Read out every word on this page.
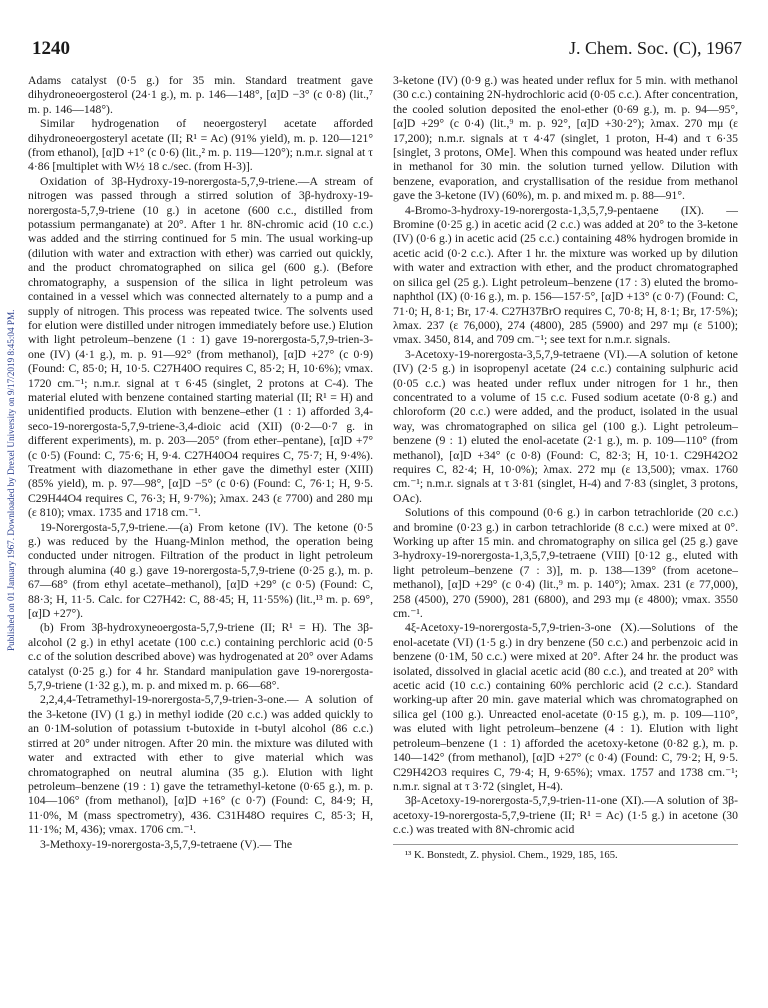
1240	J. Chem. Soc. (C), 1967
Published on 01 January 1967. Downloaded by Drexel University on 9/17/2019 8:45:04 PM.

Adams catalyst (0·5 g.) for 35 min. Standard treatment gave dihydroneoergosterol (24·1 g.), m. p. 146—148°, [α]D −3° (c 0·8) (lit.,⁷ m. p. 146—148°).

Similar hydrogenation of neoergosteryl acetate afforded dihydroneoergosteryl acetate (II; R¹ = Ac) (91% yield), m. p. 120—121° (from ethanol), [α]D +1° (c 0·6) (lit.,² m. p. 119—120°); n.m.r. signal at τ 4·86 [multiplet with W½ 18 c./sec. (from H-3)].

Oxidation of 3β-Hydroxy-19-norergosta-5,7,9-triene.—A stream of nitrogen was passed through a stirred solution of 3β-hydroxy-19-norergosta-5,7,9-triene (10 g.) in acetone (600 c.c., distilled from potassium permanganate) at 20°. After 1 hr. 8N-chromic acid (10 c.c.) was added and the stirring continued for 5 min. The usual working-up (dilution with water and extraction with ether) was carried out quickly, and the product chromatographed on silica gel (600 g.). (Before chromatography, a suspension of the silica in light petroleum was contained in a vessel which was connected alternately to a pump and a supply of nitrogen. This process was repeated twice. The solvents used for elution were distilled under nitrogen immediately before use.) Elution with light petroleum–benzene (1 : 1) gave 19-norergosta-5,7,9-trien-3-one (IV) (4·1 g.), m. p. 91—92° (from methanol), [α]D +27° (c 0·9) (Found: C, 85·0; H, 10·5. C27H40O requires C, 85·2; H, 10·6%); νmax. 1720 cm.⁻¹; n.m.r. signal at τ 6·45 (singlet, 2 protons at C-4). The material eluted with benzene contained starting material (II; R¹ = H) and unidentified products. Elution with benzene–ether (1 : 1) afforded 3,4-seco-19-norergosta-5,7,9-triene-3,4-dioic acid (XII) (0·2—0·7 g. in different experiments), m. p. 203—205° (from ether–pentane), [α]D +7° (c 0·5) (Found: C, 75·6; H, 9·4. C27H40O4 requires C, 75·7; H, 9·4%). Treatment with diazomethane in ether gave the dimethyl ester (XIII) (85% yield), m. p. 97—98°, [α]D −5° (c 0·6) (Found: C, 76·1; H, 9·5. C29H44O4 requires C, 76·3; H, 9·7%); λmax. 243 (ε 7700) and 280 mμ (ε 810); νmax. 1735 and 1718 cm.⁻¹.

19-Norergosta-5,7,9-triene.—(a) From ketone (IV). The ketone (0·5 g.) was reduced by the Huang-Minlon method, the operation being conducted under nitrogen. Filtration of the product in light petroleum through alumina (40 g.) gave 19-norergosta-5,7,9-triene (0·25 g.), m. p. 67—68° (from ethyl acetate–methanol), [α]D +29° (c 0·5) (Found: C, 88·3; H, 11·5. Calc. for C27H42: C, 88·45; H, 11·55%) (lit.,¹³ m. p. 69°, [α]D +27°).

(b) From 3β-hydroxyneoergosta-5,7,9-triene (II; R¹ = H). The 3β-alcohol (2 g.) in ethyl acetate (100 c.c.) containing perchloric acid (0·5 c.c of the solution described above) was hydrogenated at 20° over Adams catalyst (0·25 g.) for 4 hr. Standard manipulation gave 19-norergosta-5,7,9-triene (1·32 g.), m. p. and mixed m. p. 66—68°.

2,2,4,4-Tetramethyl-19-norergosta-5,7,9-trien-3-one.— A solution of the 3-ketone (IV) (1 g.) in methyl iodide (20 c.c.) was added quickly to an 0·1M-solution of potassium t-butoxide in t-butyl alcohol (86 c.c.) stirred at 20° under nitrogen. After 20 min. the mixture was diluted with water and extracted with ether to give material which was chromatographed on neutral alumina (35 g.). Elution with light petroleum–benzene (19 : 1) gave the tetramethyl-ketone (0·65 g.), m. p. 104—106° (from methanol), [α]D +16° (c 0·7) (Found: C, 84·9; H, 11·0%, M (mass spectrometry), 436. C31H48O requires C, 85·3; H, 11·1%; M, 436); νmax. 1706 cm.⁻¹.

3-Methoxy-19-norergosta-3,5,7,9-tetraene (V).— The

3-ketone (IV) (0·9 g.) was heated under reflux for 5 min. with methanol (30 c.c.) containing 2N-hydrochloric acid (0·05 c.c.). After concentration, the cooled solution deposited the enol-ether (0·69 g.), m. p. 94—95°, [α]D +29° (c 0·4) (lit.,⁹ m. p. 92°, [α]D +30·2°); λmax. 270 mμ (ε 17,200); n.m.r. signals at τ 4·47 (singlet, 1 proton, H-4) and τ 6·35 [singlet, 3 protons, OMe]. When this compound was heated under reflux in methanol for 30 min. the solution turned yellow. Dilution with benzene, evaporation, and crystallisation of the residue from methanol gave the 3-ketone (IV) (60%), m. p. and mixed m. p. 88—91°.

4-Bromo-3-hydroxy-19-norergosta-1,3,5,7,9-pentaene (IX). —Bromine (0·25 g.) in acetic acid (2 c.c.) was added at 20° to the 3-ketone (IV) (0·6 g.) in acetic acid (25 c.c.) containing 48% hydrogen bromide in acetic acid (0·2 c.c.). After 1 hr. the mixture was worked up by dilution with water and extraction with ether, and the product chromatographed on silica gel (25 g.). Light petroleum–benzene (17 : 3) eluted the bromo-naphthol (IX) (0·16 g.), m. p. 156—157·5°, [α]D +13° (c 0·7) (Found: C, 71·0; H, 8·1; Br, 17·4. C27H37BrO requires C, 70·8; H, 8·1; Br, 17·5%); λmax. 237 (ε 76,000), 274 (4800), 285 (5900) and 297 mμ (ε 5100); νmax. 3450, 814, and 709 cm.⁻¹; see text for n.m.r. signals.

3-Acetoxy-19-norergosta-3,5,7,9-tetraene (VI).—A solution of ketone (IV) (2·5 g.) in isopropenyl acetate (24 c.c.) containing sulphuric acid (0·05 c.c.) was heated under reflux under nitrogen for 1 hr., then concentrated to a volume of 15 c.c. Fused sodium acetate (0·8 g.) and chloroform (20 c.c.) were added, and the product, isolated in the usual way, was chromatographed on silica gel (100 g.). Light petroleum–benzene (9 : 1) eluted the enol-acetate (2·1 g.), m. p. 109—110° (from methanol), [α]D +34° (c 0·8) (Found: C, 82·3; H, 10·1. C29H42O2 requires C, 82·4; H, 10·0%); λmax. 272 mμ (ε 13,500); νmax. 1760 cm.⁻¹; n.m.r. signals at τ 3·81 (singlet, H-4) and 7·83 (singlet, 3 protons, OAc).

Solutions of this compound (0·6 g.) in carbon tetrachloride (20 c.c.) and bromine (0·23 g.) in carbon tetrachloride (8 c.c.) were mixed at 0°. Working up after 15 min. and chromatography on silica gel (25 g.) gave 3-hydroxy-19-norergosta-1,3,5,7,9-tetraene (VIII) [0·12 g., eluted with light petroleum–benzene (7 : 3)], m. p. 138—139° (from acetone–methanol), [α]D +29° (c 0·4) (lit.,⁹ m. p. 140°); λmax. 231 (ε 77,000), 258 (4500), 270 (5900), 281 (6800), and 293 mμ (ε 4800); νmax. 3550 cm.⁻¹.

4ξ-Acetoxy-19-norergosta-5,7,9-trien-3-one (X).—Solutions of the enol-acetate (VI) (1·5 g.) in dry benzene (50 c.c.) and perbenzoic acid in benzene (0·1M, 50 c.c.) were mixed at 20°. After 24 hr. the product was isolated, dissolved in glacial acetic acid (80 c.c.), and treated at 20° with acetic acid (10 c.c.) containing 60% perchloric acid (2 c.c.). Standard working-up after 20 min. gave material which was chromatographed on silica gel (100 g.). Unreacted enol-acetate (0·15 g.), m. p. 109—110°, was eluted with light petroleum–benzene (4 : 1). Elution with light petroleum–benzene (1 : 1) afforded the acetoxy-ketone (0·82 g.), m. p. 140—142° (from methanol), [α]D +27° (c 0·4) (Found: C, 79·2; H, 9·5. C29H42O3 requires C, 79·4; H, 9·65%); νmax. 1757 and 1738 cm.⁻¹; n.m.r. signal at τ 3·72 (singlet, H-4).

3β-Acetoxy-19-norergosta-5,7,9-trien-11-one (XI).—A solution of 3β-acetoxy-19-norergosta-5,7,9-triene (II; R¹ = Ac) (1·5 g.) in acetone (30 c.c.) was treated with 8N-chromic acid

¹³ K. Bonstedt, Z. physiol. Chem., 1929, 185, 165.
